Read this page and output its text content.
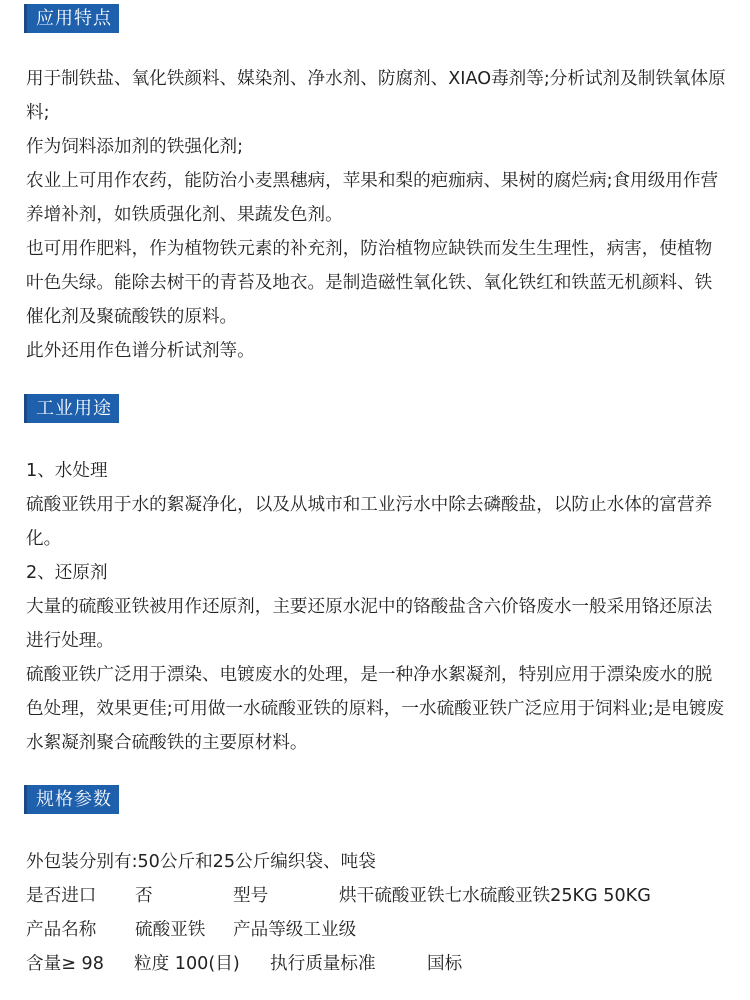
应用特点

用于制铁盐、氧化铁颜料、媒染剂、净水剂、防腐剂、XIAO毒剂等;分析试剂及制铁氧体原料;

作为饲料添加剂的铁强化剂;

农业上可用作农药，能防治小麦黑穗病，苹果和梨的疤痂病、果树的腐烂病;食用级用作营养增补剂，如铁质强化剂、果蔬发色剂。

也可用作肥料，作为植物铁元素的补充剂，防治植物应缺铁而发生生理性，病害，使植物叶色失绿。能除去树干的青苔及地衣。是制造磁性氧化铁、氧化铁红和铁蓝无机颜料、铁催化剂及聚硫酸铁的原料。

此外还用作色谱分析试剂等。

工业用途

1、水处理

硫酸亚铁用于水的絮凝净化，以及从城市和工业污水中除去磷酸盐，以防止水体的富营养化。

2、还原剂

大量的硫酸亚铁被用作还原剂，主要还原水泥中的铬酸盐含六价铬废水一般采用铬还原法进行处理。

硫酸亚铁广泛用于漂染、电镀废水的处理，是一种净水絮凝剂，特别应用于漂染废水的脱色处理，效果更佳;可用做一水硫酸亚铁的原料，一水硫酸亚铁广泛应用于饲料业;是电镀废水絮凝剂聚合硫酸铁的主要原材料。

规格参数

外包装分别有:50公斤和25公斤编织袋、吨袋

是否进口	否	型号	烘干硫酸亚铁七水硫酸亚铁25KG 50KG
产品名称	硫酸亚铁	产品等级工业级
含量≥ 98	粒度 100(目)	执行质量标准	国标
